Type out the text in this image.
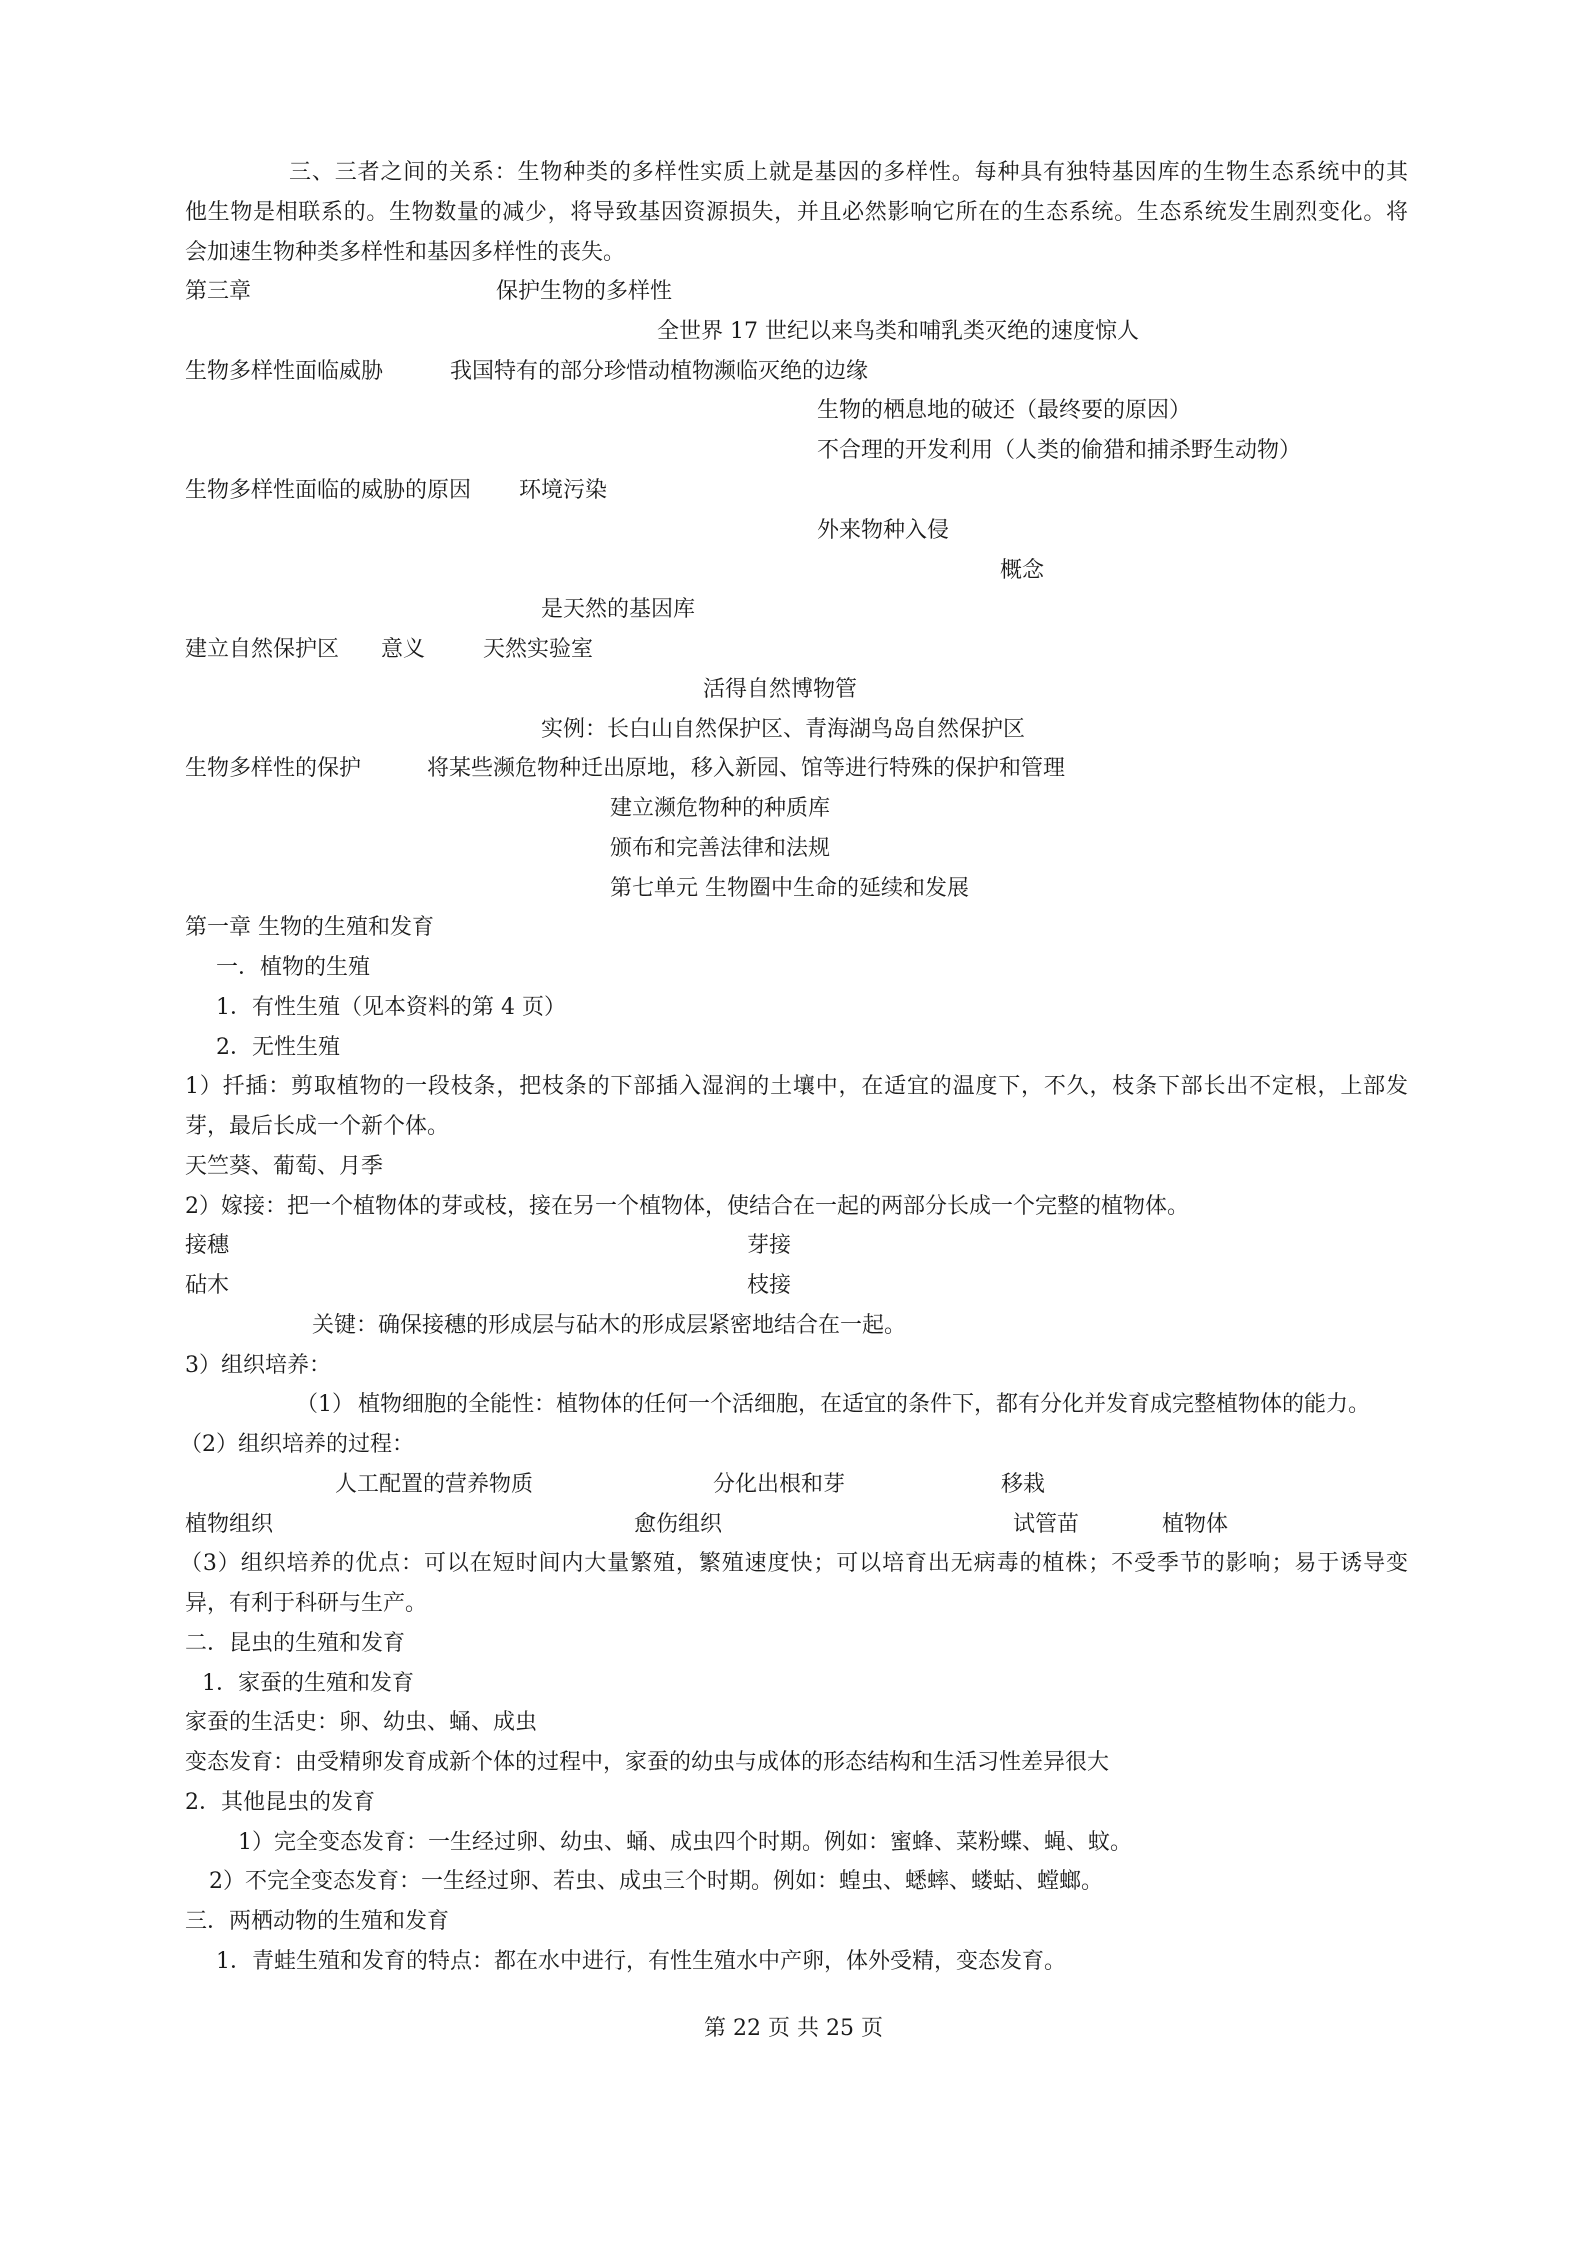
三、三者之间的关系：生物种类的多样性实质上就是基因的多样性。每种具有独特基因库的生物生态系统中的其
他生物是相联系的。生物数量的减少，将导致基因资源损失，并且必然影响它所在的生态系统。生态系统发生剧烈变化。将
会加速生物种类多样性和基因多样性的丧失。
第三章	保护生物的多样性
全世界 17 世纪以来鸟类和哺乳类灭绝的速度惊人
生物多样性面临威胁	我国特有的部分珍惜动植物濒临灭绝的边缘
生物的栖息地的破还（最终要的原因）
不合理的开发利用（人类的偷猎和捕杀野生动物）
生物多样性面临的威胁的原因 环境污染
外来物种入侵
概念
是天然的基因库
建立自然保护区 意义	天然实验室
活得自然博物管
实例：长白山自然保护区、青海湖鸟岛自然保护区
生物多样性的保护	将某些濒危物种迁出原地，移入新园、馆等进行特殊的保护和管理
建立濒危物种的种质库
颁布和完善法律和法规
第七单元 生物圈中生命的延续和发展
第一章 生物的生殖和发育
一．植物的生殖
1．有性生殖（见本资料的第 4 页）
2．无性生殖
1）扦插：剪取植物的一段枝条，把枝条的下部插入湿润的土壤中，在适宜的温度下，不久，枝条下部长出不定根，上部发
芽，最后长成一个新个体。
天竺葵、葡萄、月季
2）嫁接：把一个植物体的芽或枝，接在另一个植物体，使结合在一起的两部分长成一个完整的植物体。
接穗	芽接
砧木	枝接
关键：确保接穗的形成层与砧木的形成层紧密地结合在一起。
3）组织培养：
（1） 植物细胞的全能性：植物体的任何一个活细胞，在适宜的条件下，都有分化并发育成完整植物体的能力。
（2）组织培养的过程：
人工配置的营养物质	分化出根和芽	移栽
植物组织	愈伤组织	试管苗	植物体
（3）组织培养的优点：可以在短时间内大量繁殖，繁殖速度快；可以培育出无病毒的植株；不受季节的影响；易于诱导变
异，有利于科研与生产。
二．昆虫的生殖和发育
1．家蚕的生殖和发育
家蚕的生活史：卵、幼虫、蛹、成虫
变态发育：由受精卵发育成新个体的过程中，家蚕的幼虫与成体的形态结构和生活习性差异很大
2．其他昆虫的发育
1）完全变态发育：一生经过卵、幼虫、蛹、成虫四个时期。例如：蜜蜂、菜粉蝶、蝇、蚊。
2）不完全变态发育：一生经过卵、若虫、成虫三个时期。例如：蝗虫、蟋蟀、蝼蛄、螳螂。
三．两栖动物的生殖和发育
1．青蛙生殖和发育的特点：都在水中进行，有性生殖水中产卵，体外受精，变态发育。
第 22 页 共 25 页
